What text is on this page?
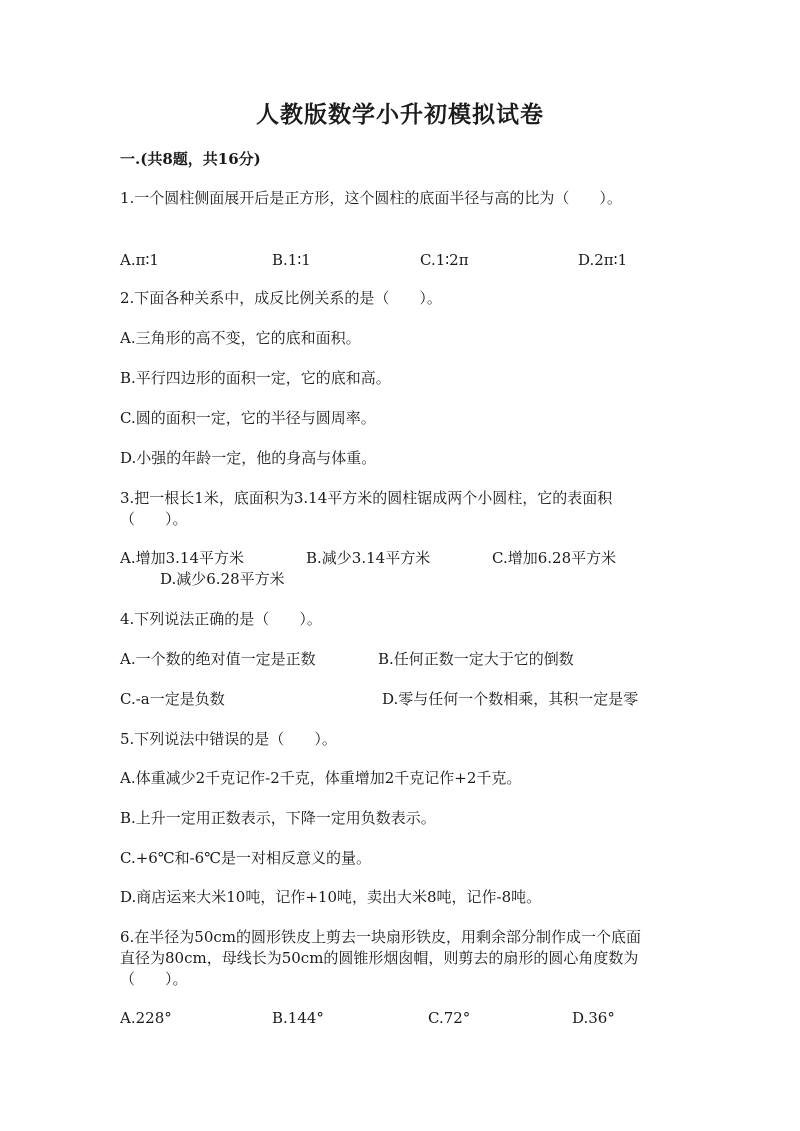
人教版数学小升初模拟试卷
一.(共8题，共16分)
1.一个圆柱侧面展开后是正方形，这个圆柱的底面半径与高的比为（　　）。
A.π∶1	B.1∶1	C.1∶2π	D.2π∶1
2.下面各种关系中，成反比例关系的是（　　）。
A.三角形的高不变，它的底和面积。
B.平行四边形的面积一定，它的底和高。
C.圆的面积一定，它的半径与圆周率。
D.小强的年龄一定，他的身高与体重。
3.把一根长1米，底面积为3.14平方米的圆柱锯成两个小圆柱，它的表面积
（　　）。
A.增加3.14平方米	B.减少3.14平方米	C.增加6.28平方米
D.减少6.28平方米
4.下列说法正确的是（　　）。
A.一个数的绝对值一定是正数	B.任何正数一定大于它的倒数
C.-a一定是负数	D.零与任何一个数相乘，其积一定是零
5.下列说法中错误的是（　　）。
A.体重减少2千克记作-2千克，体重增加2千克记作+2千克。
B.上升一定用正数表示，下降一定用负数表示。
C.+6℃和-6℃是一对相反意义的量。
D.商店运来大米10吨，记作+10吨，卖出大米8吨，记作-8吨。
6.在半径为50cm的圆形铁皮上剪去一块扇形铁皮，用剩余部分制作成一个底面
直径为80cm，母线长为50cm的圆锥形烟囱帽，则剪去的扇形的圆心角度数为
（　　）。
A.228°	B.144°	C.72°	D.36°
